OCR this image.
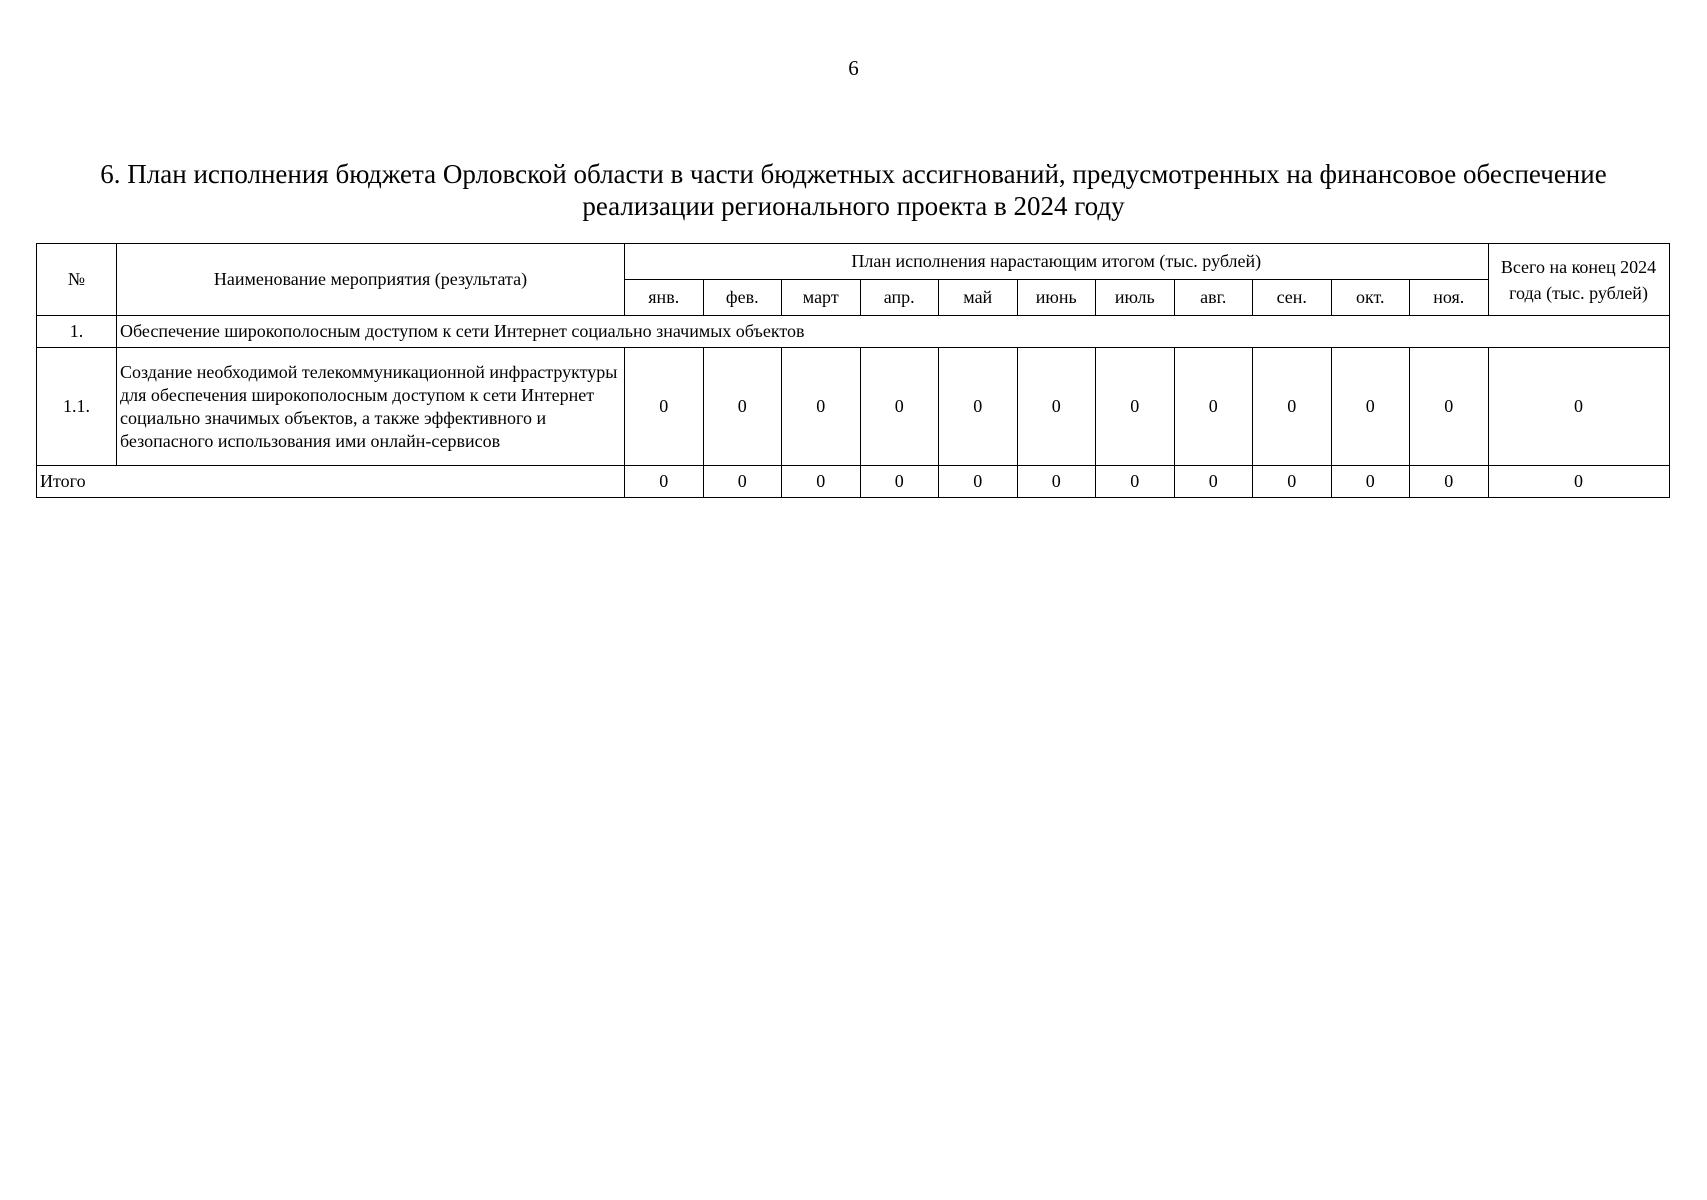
6
6. План исполнения бюджета Орловской области в части бюджетных ассигнований, предусмотренных на финансовое обеспечение
реализации регионального проекта в 2024 году
№	Наименование мероприятия (результата)	План исполнения нарастающим итогом (тыс. рублей)											Всего на конец 2024 года (тыс. рублей)
		янв.	фев.	март	апр.	май	июнь	июль	авг.	сен.	окт.	ноя.	
1.	Обеспечение широкополосным доступом к сети Интернет социально значимых объектов												
1.1.	Создание необходимой телекоммуникационной инфраструктуры для обеспечения широкополосным доступом к сети Интернет социально значимых объектов, а также эффективного и безопасного использования ими онлайн-сервисов	0	0	0	0	0	0	0	0	0	0	0	0
Итого		0	0	0	0	0	0	0	0	0	0	0	0
